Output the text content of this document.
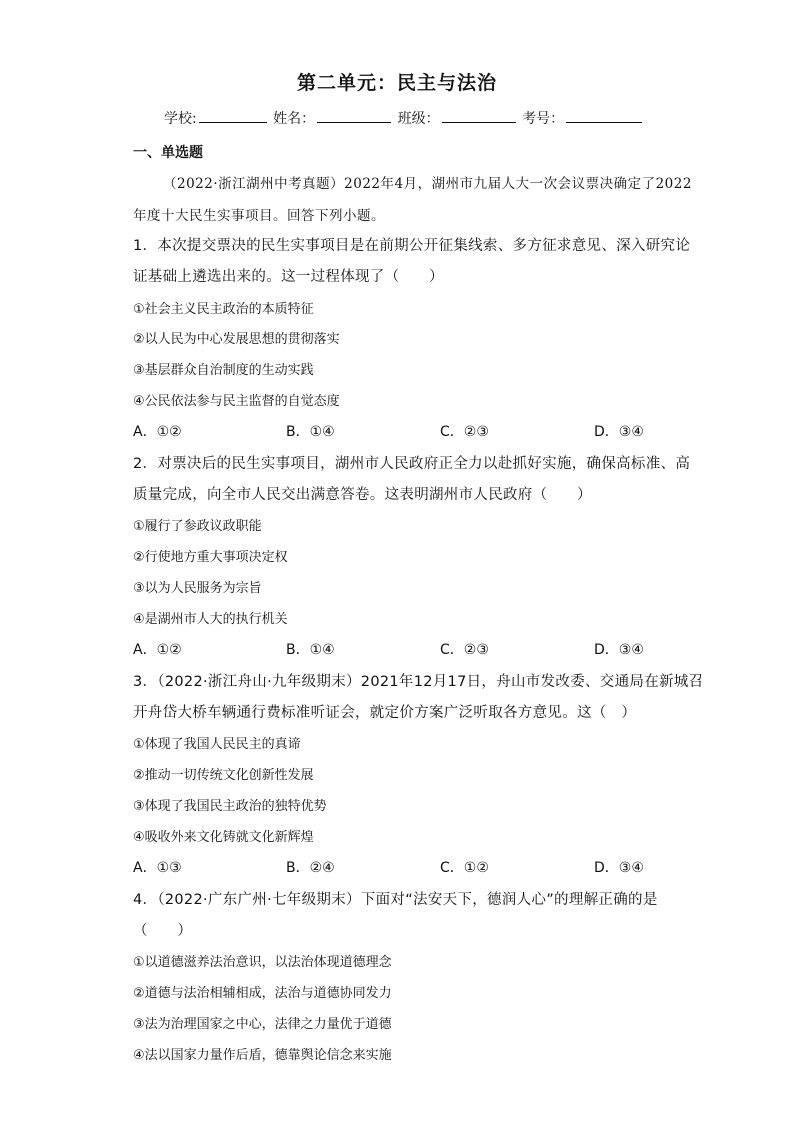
第二单元：民主与法治
学校:	姓名：	班级：	考号：
一、单选题
（2022·浙江湖州中考真题）2022年4月，湖州市九届人大一次会议票决确定了2022
年度十大民生实事项目。回答下列小题。
1．本次提交票决的民生实事项目是在前期公开征集线索、多方征求意见、深入研究论
证基础上遴选出来的。这一过程体现了（　　）
①社会主义民主政治的本质特征
②以人民为中心发展思想的贯彻落实
③基层群众自治制度的生动实践
④公民依法参与民主监督的自觉态度
A．①②	B．①④	C．②③	D．③④
2．对票决后的民生实事项目，湖州市人民政府正全力以赴抓好实施，确保高标准、高
质量完成，向全市人民交出满意答卷。这表明湖州市人民政府（　　）
①履行了参政议政职能
②行使地方重大事项决定权
③以为人民服务为宗旨
④是湖州市人大的执行机关
A．①②	B．①④	C．②③	D．③④
3．（2022·浙江舟山·九年级期末）2021年12月17日，舟山市发改委、交通局在新城召
开舟岱大桥车辆通行费标准听证会，就定价方案广泛听取各方意见。这（　）
①体现了我国人民民主的真谛
②推动一切传统文化创新性发展
③体现了我国民主政治的独特优势
④吸收外来文化铸就文化新辉煌
A．①③	B．②④	C．①②	D．③④
4．（2022·广东广州·七年级期末）下面对“法安天下，德润人心”的理解正确的是
（　　）
①以道德滋养法治意识，以法治体现道德理念
②道德与法治相辅相成，法治与道德协同发力
③法为治理国家之中心，法律之力量优于道德
④法以国家力量作后盾，德靠舆论信念来实施
